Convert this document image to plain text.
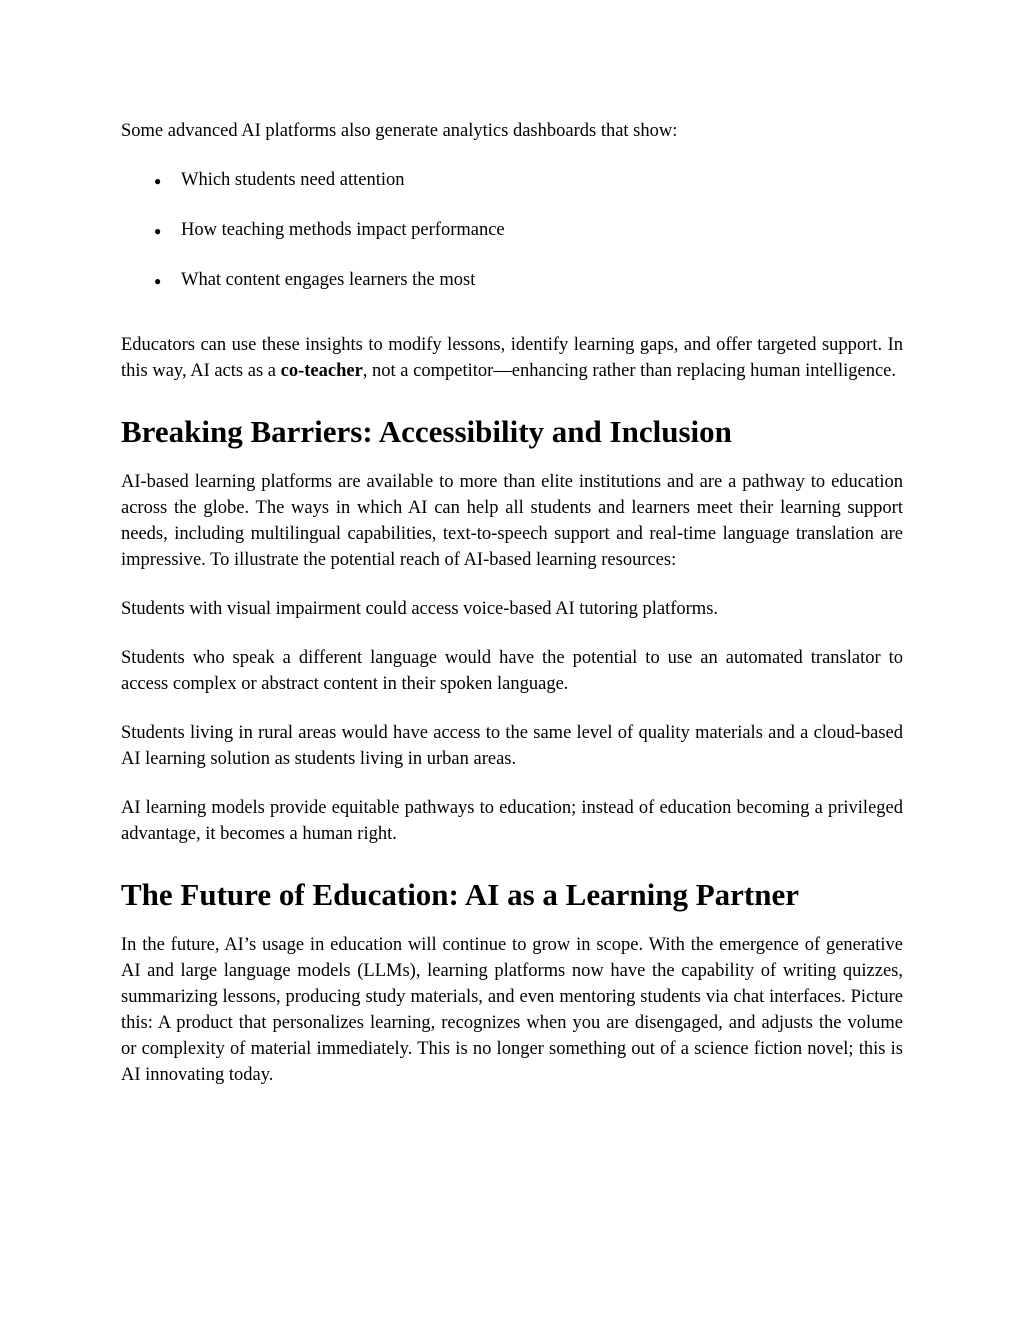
Some advanced AI platforms also generate analytics dashboards that show:

● Which students need attention
● How teaching methods impact performance
● What content engages learners the most

Educators can use these insights to modify lessons, identify learning gaps, and offer targeted support. In this way, AI acts as a co-teacher, not a competitor—enhancing rather than replacing human intelligence.

Breaking Barriers: Accessibility and Inclusion

AI-based learning platforms are available to more than elite institutions and are a pathway to education across the globe. The ways in which AI can help all students and learners meet their learning support needs, including multilingual capabilities, text-to-speech support and real-time language translation are impressive. To illustrate the potential reach of AI-based learning resources:

Students with visual impairment could access voice-based AI tutoring platforms.

Students who speak a different language would have the potential to use an automated translator to access complex or abstract content in their spoken language.

Students living in rural areas would have access to the same level of quality materials and a cloud-based AI learning solution as students living in urban areas.

AI learning models provide equitable pathways to education; instead of education becoming a privileged advantage, it becomes a human right.

The Future of Education: AI as a Learning Partner

In the future, AI’s usage in education will continue to grow in scope. With the emergence of generative AI and large language models (LLMs), learning platforms now have the capability of writing quizzes, summarizing lessons, producing study materials, and even mentoring students via chat interfaces. Picture this: A product that personalizes learning, recognizes when you are disengaged, and adjusts the volume or complexity of material immediately. This is no longer something out of a science fiction novel; this is AI innovating today.
